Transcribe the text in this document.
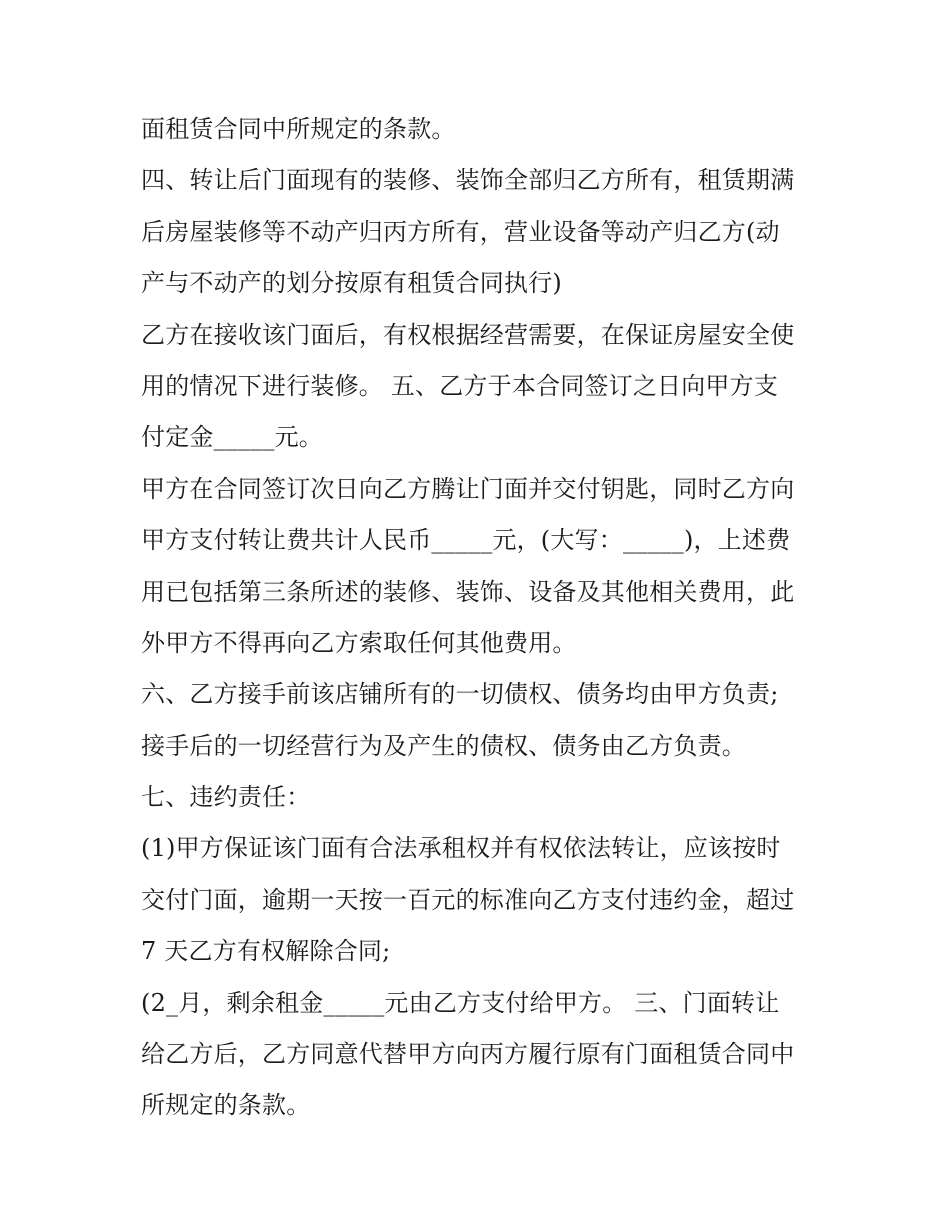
面租赁合同中所规定的条款。
四、转让后门面现有的装修、装饰全部归乙方所有，租赁期满
后房屋装修等不动产归丙方所有，营业设备等动产归乙方(动
产与不动产的划分按原有租赁合同执行)
乙方在接收该门面后，有权根据经营需要，在保证房屋安全使
用的情况下进行装修。 五、乙方于本合同签订之日向甲方支
付定金_____元。
甲方在合同签订次日向乙方腾让门面并交付钥匙，同时乙方向
甲方支付转让费共计人民币_____元，(大写：_____)，上述费
用已包括第三条所述的装修、装饰、设备及其他相关费用，此
外甲方不得再向乙方索取任何其他费用。
六、乙方接手前该店铺所有的一切债权、债务均由甲方负责;
接手后的一切经营行为及产生的债权、债务由乙方负责。
七、违约责任：
(1)甲方保证该门面有合法承租权并有权依法转让，应该按时
交付门面，逾期一天按一百元的标准向乙方支付违约金，超过
7 天乙方有权解除合同;
(2_月，剩余租金_____元由乙方支付给甲方。 三、门面转让
给乙方后，乙方同意代替甲方向丙方履行原有门面租赁合同中
所规定的条款。
